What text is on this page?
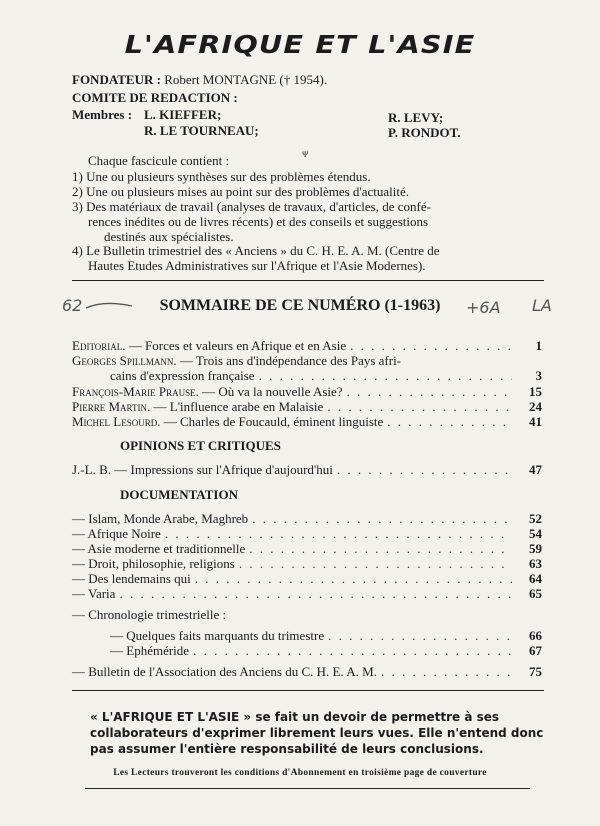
L'AFRIQUE ET L'ASIE
FONDATEUR : Robert MONTAGNE († 1954).
COMITE DE REDACTION :
Membres : L. KIEFFER;
R. LE TOURNEAU;
R. LEVY;
P. RONDOT.
ᴪ
Chaque fascicule contient :
1) Une ou plusieurs synthèses sur des problèmes étendus.
2) Une ou plusieurs mises au point sur des problèmes d'actualité.
3) Des matériaux de travail (analyses de travaux, d'articles, de confé-
rences inédites ou de livres récents) et des conseils et suggestions
destinés aux spécialistes.
4) Le Bulletin trimestriel des « Anciens » du C. H. E. A. M. (Centre de
Hautes Etudes Administratives sur l'Afrique et l'Asie Modernes).
62	SOMMAIRE DE CE NUMÉRO (1-1963)	+6A LA
Editorial. — Forces et valeurs en Afrique et en Asie . . .	1
Georges Spillmann. — Trois ans d'indépendance des Pays afri-
cains d'expression française . . .	3
François-Marie Prause. — Où va la nouvelle Asie? . . .	15
Pierre Martin. — L'influence arabe en Malaisie . . .	24
Michel Lesourd. — Charles de Foucauld, éminent linguiste . . .	41
OPINIONS ET CRITIQUES
J.-L. B. — Impressions sur l'Afrique d'aujourd'hui . . .	47
DOCUMENTATION
— Islam, Monde Arabe, Maghreb . . .	52
— Afrique Noire . . .	54
— Asie moderne et traditionnelle . . .	59
— Droit, philosophie, religions . . .	63
— Des lendemains qui . . .	64
— Varia . . .	65
— Chronologie trimestrielle :
— Quelques faits marquants du trimestre . . .	66
— Ephéméride . . .	67
— Bulletin de l'Association des Anciens du C. H. E. A. M. . . .	75
« L'AFRIQUE ET L'ASIE » se fait un devoir de permettre à ses collaborateurs d'exprimer librement leurs vues. Elle n'entend donc pas assumer l'entière responsabilité de leurs conclusions.
Les Lecteurs trouveront les conditions d'Abonnement en troisième page de couverture
